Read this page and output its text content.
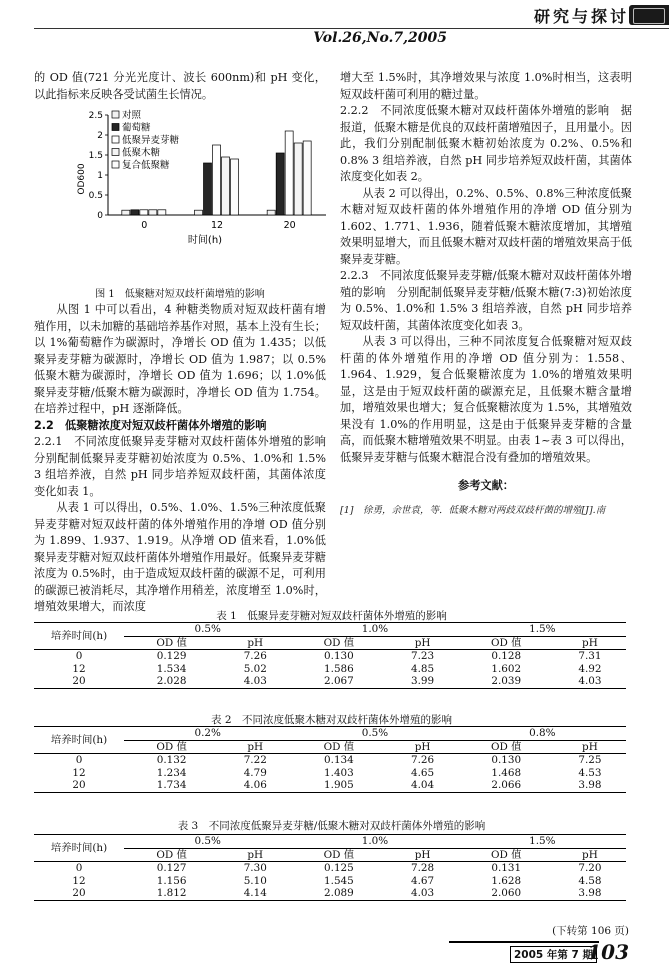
研究与探讨
Vol.26,No.7,2005

的 OD 值(721 分光光度计、波长 600nm)和 pH 变化，以此指标来反映各受试菌生长情况。

0
0.5
1
1.5
2
2.5
OD600
0	12	20
时间(h)
对照
葡萄糖
低聚异麦芽糖
低聚木糖
复合低聚糖
图 1　低聚糖对短双歧杆菌增殖的影响

从图 1 中可以看出，4 种糖类物质对短双歧杆菌有增殖作用，以未加糖的基础培养基作对照，基本上没有生长；以 1%葡萄糖作为碳源时，净增长 OD 值为 1.435；以低聚异麦芽糖为碳源时，净增长 OD 值为 1.987；以 0.5%低聚木糖为碳源时，净增长 OD 值为 1.696；以 1.0%低聚异麦芽糖/低聚木糖为碳源时，净增长 OD 值为 1.754。在培养过程中，pH 逐渐降低。

2.2　低聚糖浓度对短双歧杆菌体外增殖的影响

2.2.1　不同浓度低聚异麦芽糖对双歧杆菌体外增殖的影响　分别配制低聚异麦芽糖初始浓度为 0.5%、1.0%和 1.5% 3 组培养液，自然 pH 同步培养短双歧杆菌，其菌体浓度变化如表 1。

从表 1 可以得出，0.5%、1.0%、1.5%三种浓度低聚异麦芽糖对短双歧杆菌的体外增殖作用的净增 OD 值分别为 1.899、1.937、1.919。从净增 OD 值来看，1.0%低聚异麦芽糖对短双歧杆菌体外增殖作用最好。低聚异麦芽糖浓度为 0.5%时，由于造成短双歧杆菌的碳源不足，可利用的碳源已被消耗尽，其净增作用稍差，浓度增至 1.0%时，增殖效果增大，而浓度

增大至 1.5%时，其净增效果与浓度 1.0%时相当，这表明短双歧杆菌可利用的糖过量。

2.2.2　不同浓度低聚木糖对双歧杆菌体外增殖的影响　据报道，低聚木糖是优良的双歧杆菌增殖因子，且用量小。因此，我们分别配制低聚木糖初始浓度为 0.2%、0.5%和 0.8% 3 组培养液，自然 pH 同步培养短双歧杆菌，其菌体浓度变化如表 2。

从表 2 可以得出，0.2%、0.5%、0.8%三种浓度低聚木糖对短双歧杆菌的体外增殖作用的净增 OD 值分别为 1.602、1.771、1.936，随着低聚木糖浓度增加，其增殖效果明显增大，而且低聚木糖对双歧杆菌的增殖效果高于低聚异麦芽糖。

2.2.3　不同浓度低聚异麦芽糖/低聚木糖对双歧杆菌体外增殖的影响　分别配制低聚异麦芽糖/低聚木糖(7:3)初始浓度为 0.5%、1.0%和 1.5% 3 组培养液，自然 pH 同步培养短双歧杆菌，其菌体浓度变化如表 3。

从表 3 可以得出，三种不同浓度复合低聚糖对短双歧杆菌的体外增殖作用的净增 OD 值分别为：1.558、1.964、1.929，复合低聚糖浓度为 1.0%的增殖效果明显，这是由于短双歧杆菌的碳源充足，且低聚木糖含量增加，增殖效果也增大；复合低聚糖浓度为 1.5%，其增殖效果没有 1.0%的作用明显，这是由于低聚异麦芽糖的含量高，而低聚木糖增殖效果不明显。由表 1~表 3 可以得出，低聚异麦芽糖与低聚木糖混合没有叠加的增殖效果。

参考文献：

[1]　徐勇，余世袁，等．低聚木糖对两歧双歧杆菌的增殖[J].南

表 1　低聚异麦芽糖对短双歧杆菌体外增殖的影响
培养时间(h)	0.5%		1.0%		1.5%	
	OD 值	pH	OD 值	pH	OD 值	pH
0	0.129	7.26	0.130	7.23	0.128	7.31
12	1.534	5.02	1.586	4.85	1.602	4.92
20	2.028	4.03	2.067	3.99	2.039	4.03
表 2　不同浓度低聚木糖对双歧杆菌体外增殖的影响
培养时间(h)	0.2%		0.5%		0.8%	
	OD 值	pH	OD 值	pH	OD 值	pH
0	0.132	7.22	0.134	7.26	0.130	7.25
12	1.234	4.79	1.403	4.65	1.468	4.53
20	1.734	4.06	1.905	4.04	2.066	3.98
表 3　不同浓度低聚异麦芽糖/低聚木糖对双歧杆菌体外增殖的影响
培养时间(h)	0.5%		1.0%		1.5%	
	OD 值	pH	OD 值	pH	OD 值	pH
0	0.127	7.30	0.125	7.28	0.131	7.20
12	1.156	5.10	1.545	4.67	1.628	4.58
20	1.812	4.14	2.089	4.03	2.060	3.98
(下转第 106 页)
2005 年第 7 期
103
